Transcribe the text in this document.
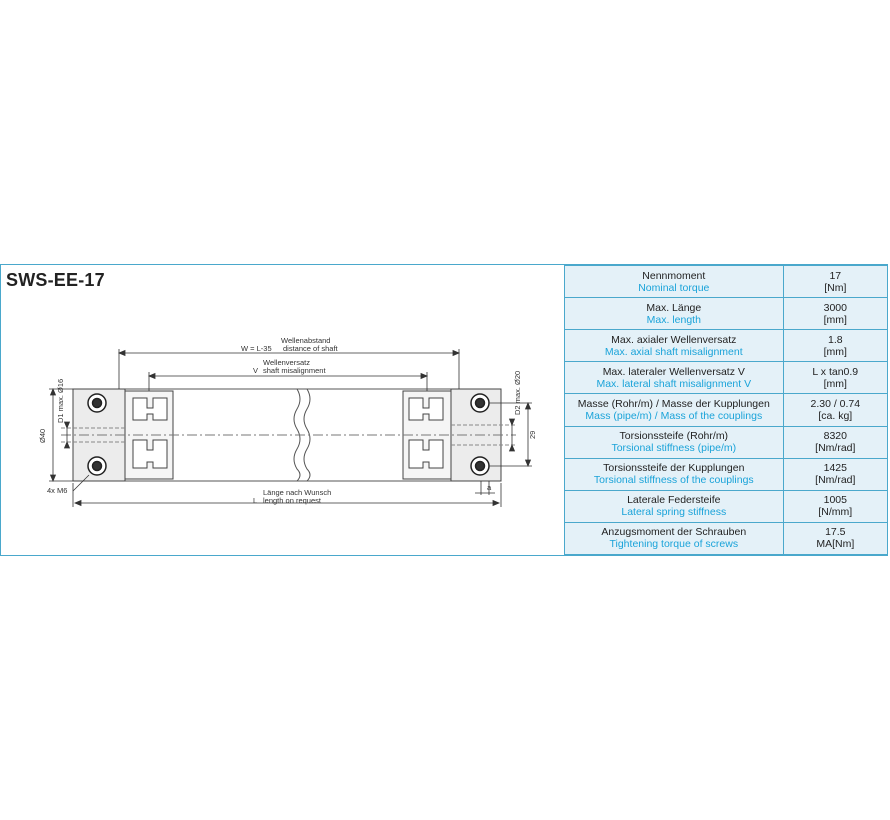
SWS-EE-17
Wellenabstand
W = L-35 distance of shaft
Wellenversatz
V shaft misalignment
Länge nach Wunsch
L length on request
4x M6	a
Ø40
D1 max. Ø16	D2 max. Ø20
29
Nennmoment
Nominal torque	17
[Nm]

Max. Länge
Max. length	3000
[mm]

Max. axialer Wellenversatz
Max. axial shaft misalignment	1.8
[mm]

Max. lateraler Wellenversatz V
Max. lateral shaft misalignment V	L x tan0.9
[mm]

Masse (Rohr/m) / Masse der Kupplungen
Mass (pipe/m) / Mass of the couplings	2.30 / 0.74
[ca. kg]

Torsionssteife (Rohr/m)
Torsional stiffness (pipe/m)	8320
[Nm/rad]

Torsionssteife der Kupplungen
Torsional stiffness of the couplings	1425
[Nm/rad]

Laterale Federsteife
Lateral spring stiffness	1005
[N/mm]

Anzugsmoment der Schrauben
Tightening torque of screws	17.5
MA[Nm]
